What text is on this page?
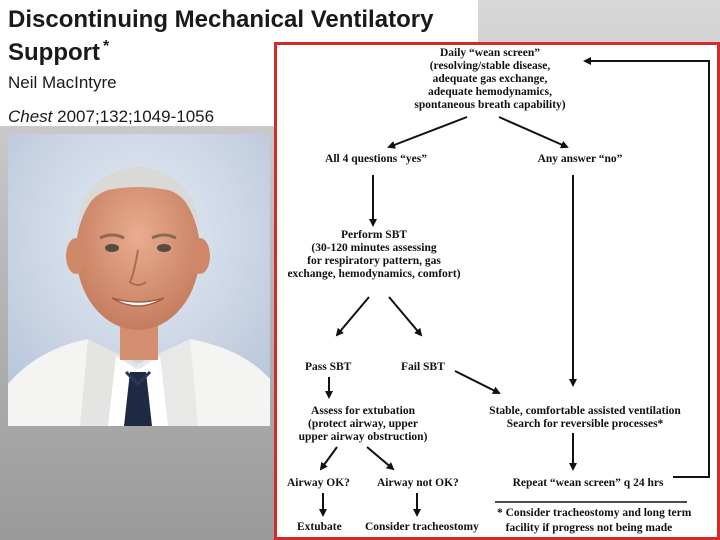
Discontinuing Mechanical Ventilatory Support *
Neil MacIntyre
Chest 2007;132;1049-1056
Daily “wean screen”
(resolving/stable disease,
adequate gas exchange,
adequate hemodynamics,
spontaneous breath capability)
All 4 questions “yes”	Any answer “no”
Perform SBT
(30-120 minutes assessing
for respiratory pattern, gas
exchange, hemodynamics, comfort)
Pass SBT	Fail SBT
Assess for extubation
(protect airway, upper
upper airway obstruction)
Stable, comfortable assisted ventilation
Search for reversible processes*
Airway OK? Airway not OK?	Repeat “wean screen” q 24 hrs
Extubate Consider tracheostomy
* Consider tracheostomy and long term
facility if progress not being made
